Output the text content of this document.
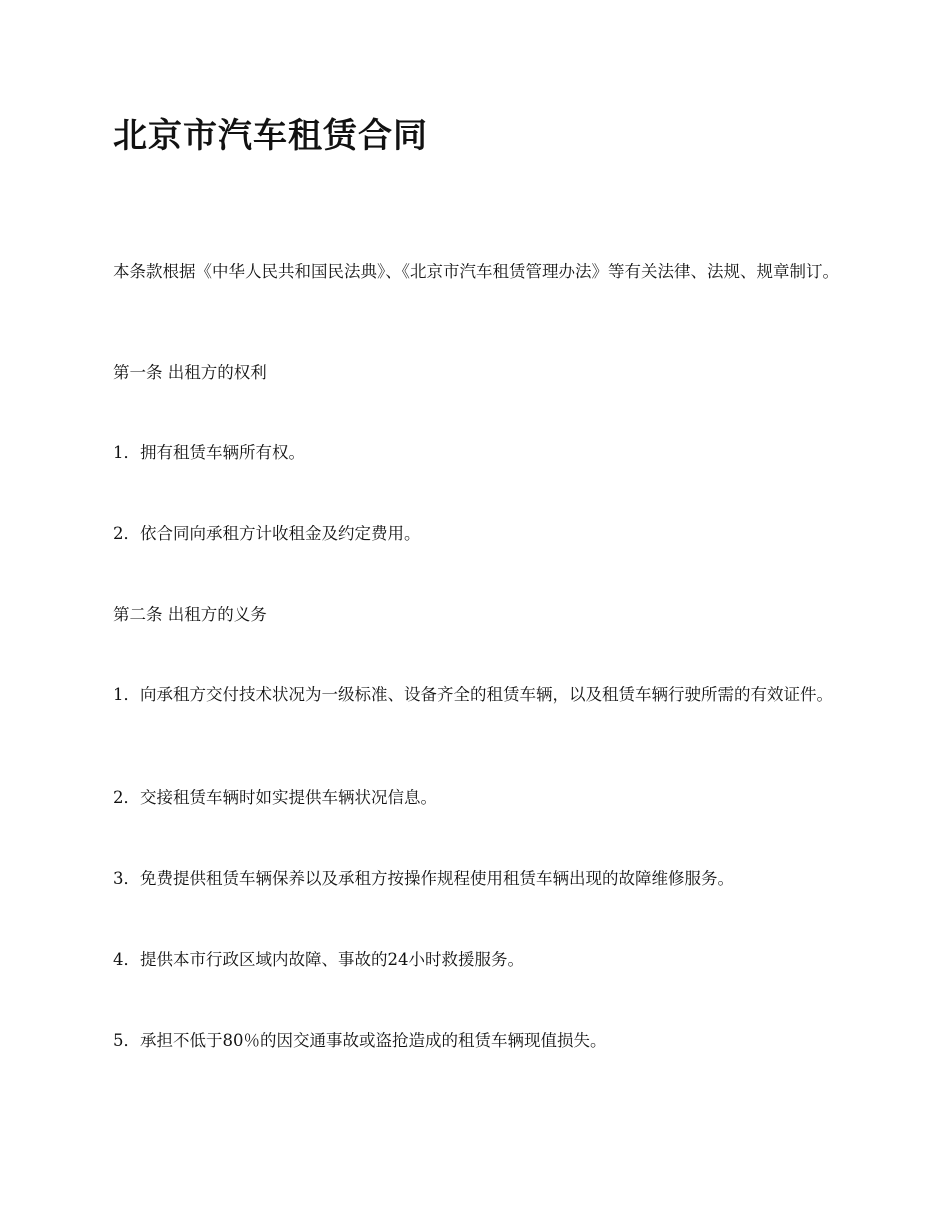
北京市汽车租赁合同

本条款根据《中华人民共和国民法典》、《北京市汽车租赁管理办法》等有关法律、法规、规章制订。

第一条 出租方的权利

1．拥有租赁车辆所有权。

2．依合同向承租方计收租金及约定费用。

第二条 出租方的义务

1．向承租方交付技术状况为一级标准、设备齐全的租赁车辆，以及租赁车辆行驶所需的有效证件。

2．交接租赁车辆时如实提供车辆状况信息。

3．免费提供租赁车辆保养以及承租方按操作规程使用租赁车辆出现的故障维修服务。

4．提供本市行政区域内故障、事故的24小时救援服务。

5．承担不低于80％的因交通事故或盗抢造成的租赁车辆现值损失。
